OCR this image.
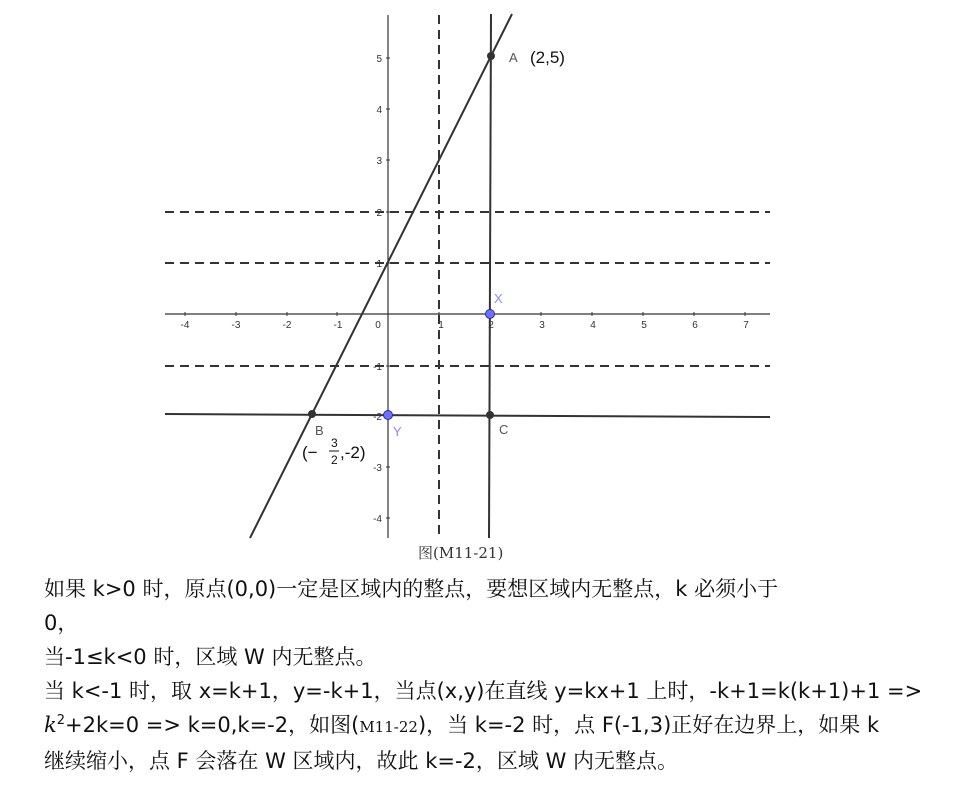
-4	-3	-2	-1	0	1	2	3	4	5	6	7
5
4
3
2
1
-1
-2
-3
-4
A (2,5)
B	C
X
Y
(− 3
2 ,-2)
图(M11-21)
如果 k>0 时，原点(0,0)一定是区域内的整点，要想区域内无整点，k 必须小于
0，
当-1≤k<0 时，区域 W 内无整点。
当 k<-1 时，取 x=k+1，y=-k+1，当点(x,y)在直线 y=kx+1 上时，-k+1=k(k+1)+1 =>
$k^2+2k=0 => k=0,k=-2$，如图(M11-22)，当 k=-2 时，点 F(-1,3)正好在边界上，如果 k
继续缩小，点 F 会落在 W 区域内，故此 k=-2，区域 W 内无整点。
